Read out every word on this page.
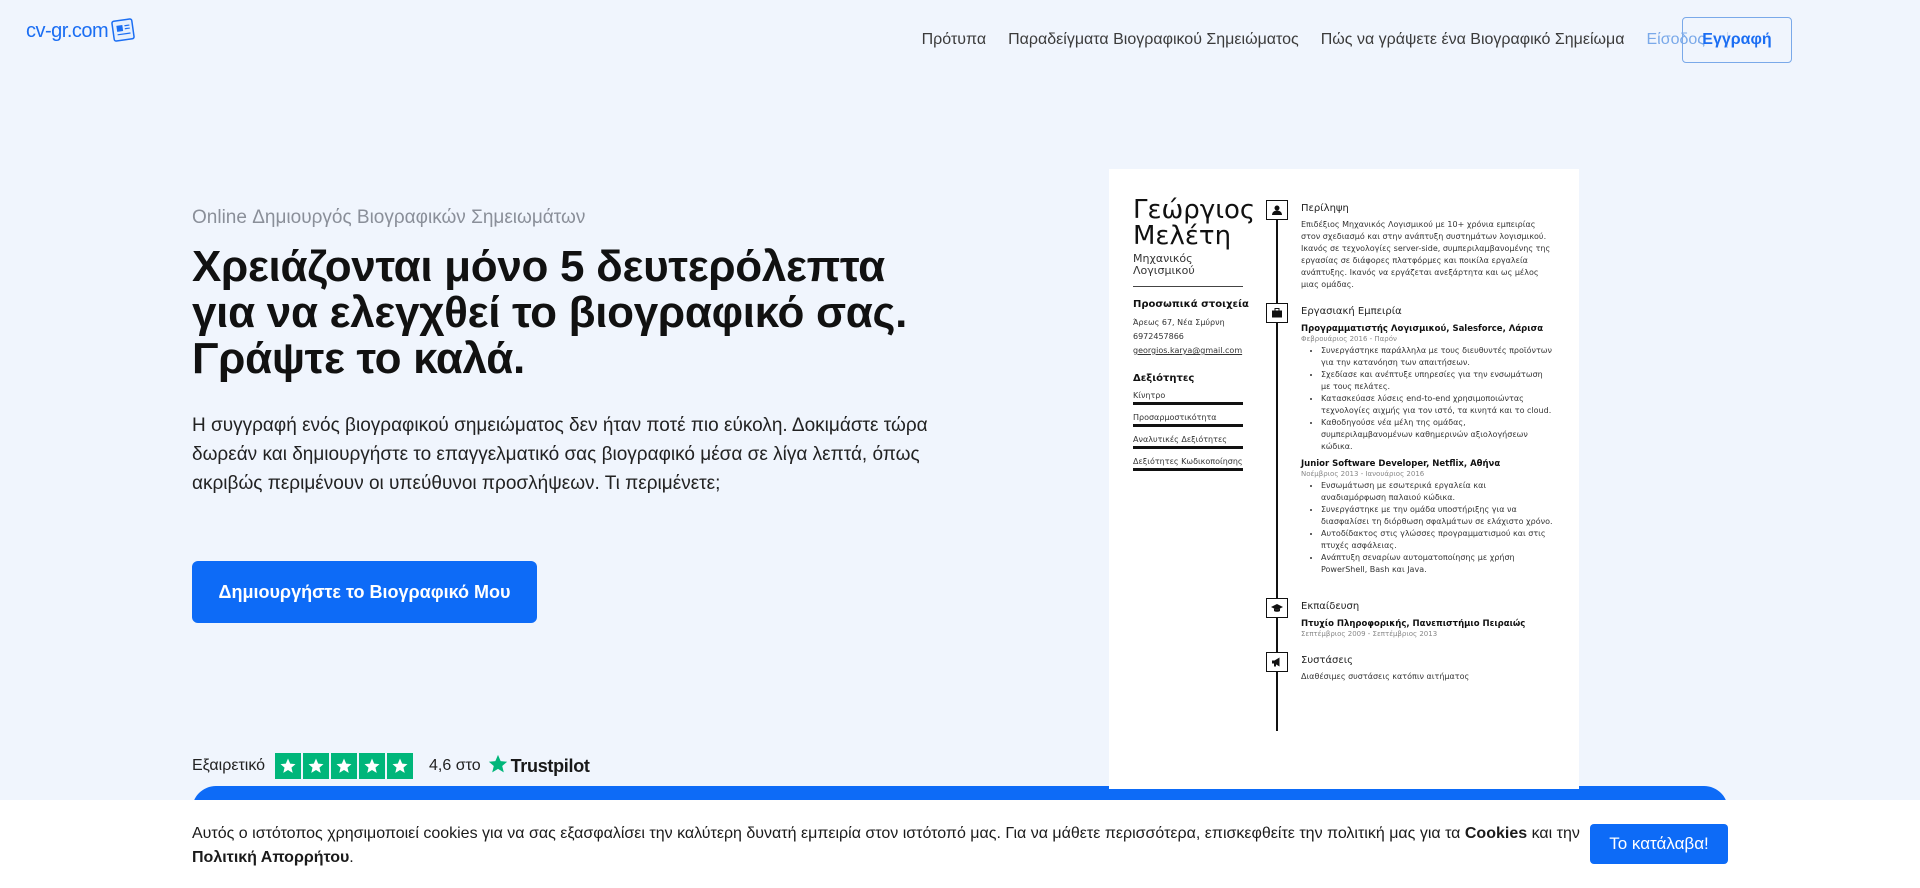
cv-gr.com	Πρότυπα Παραδείγματα Βιογραφικού Σημειώματος Πώς να γράψετε ένα Βιογραφικό Σημείωμα Είσοδος
Εγγραφή
Online Δημιουργός Βιογραφικών Σημειωμάτων
Χρειάζονται μόνο 5 δευτερόλεπτα
για να ελεγχθεί το βιογραφικό σας.
Γράψτε το καλά.

Η συγγραφή ενός βιογραφικού σημειώματος δεν ήταν ποτέ πιο εύκολη. Δοκιμάστε τώρα δωρεάν και δημιουργήστε το επαγγελματικό σας βιογραφικό μέσα σε λίγα λεπτά, όπως ακριβώς περιμένουν οι υπεύθυνοι προσλήψεων. Τι περιμένετε;

Δημιουργήστε το Βιογραφικό Μου
Εξαιρετικό	4,6 στο Trustpilot
Γεώργιος
Μελέτη
Μηχανικός Λογισμικού
Προσωπικά στοιχεία
Άρεως 67, Νέα Σμύρνη
6972457866
georgios.karya@gmail.com
Δεξιότητες
Κίνητρο
Προσαρμοστικότητα
Αναλυτικές Δεξιότητες
Δεξιότητες Κωδικοποίησης
Περίληψη
Επιδέξιος Μηχανικός Λογισμικού με 10+ χρόνια εμπειρίας στον σχεδιασμό και στην ανάπτυξη συστημάτων λογισμικού. Ικανός σε τεχνολογίες server-side, συμπεριλαμβανομένης της εργασίας σε διάφορες πλατφόρμες και ποικίλα εργαλεία ανάπτυξης. Ικανός να εργάζεται ανεξάρτητα και ως μέλος μιας ομάδας.
Εργασιακή Εμπειρία
Προγραμματιστής Λογισμικού, Salesforce, Λάρισα
Φεβρουάριος 2016 - Παρόν
• Συνεργάστηκε παράλληλα με τους διευθυντές προϊόντων για την κατανόηση των απαιτήσεων.
• Σχεδίασε και ανέπτυξε υπηρεσίες για την ενσωμάτωση με τους πελάτες.
• Κατασκεύασε λύσεις end-to-end χρησιμοποιώντας τεχνολογίες αιχμής για τον ιστό, τα κινητά και το cloud.
• Καθοδηγούσε νέα μέλη της ομάδας, συμπεριλαμβανομένων καθημερινών αξιολογήσεων κώδικα.
Junior Software Developer, Netflix, Αθήνα
Νοέμβριος 2013 - Ιανουάριος 2016
• Ενσωμάτωση με εσωτερικά εργαλεία και αναδιαμόρφωση παλαιού κώδικα.
• Συνεργάστηκε με την ομάδα υποστήριξης για να διασφαλίσει τη διόρθωση σφαλμάτων σε ελάχιστο χρόνο.
• Αυτοδίδακτος στις γλώσσες προγραμματισμού και στις πτυχές ασφάλειας.
• Ανάπτυξη σεναρίων αυτοματοποίησης με χρήση PowerShell, Bash και Java.
Εκπαίδευση
Πτυχίο Πληροφορικής, Πανεπιστήμιο Πειραιώς
Σεπτέμβριος 2009 - Σεπτέμβριος 2013
Συστάσεις
Διαθέσιμες συστάσεις κατόπιν αιτήματος
Αυτός ο ιστότοπος χρησιμοποιεί cookies για να σας εξασφαλίσει την καλύτερη δυνατή εμπειρία στον ιστότοπό μας. Για να μάθετε περισσότερα, επισκεφθείτε την πολιτική μας για τα Cookies και την Πολιτική Απορρήτου.
Το κατάλαβα!
